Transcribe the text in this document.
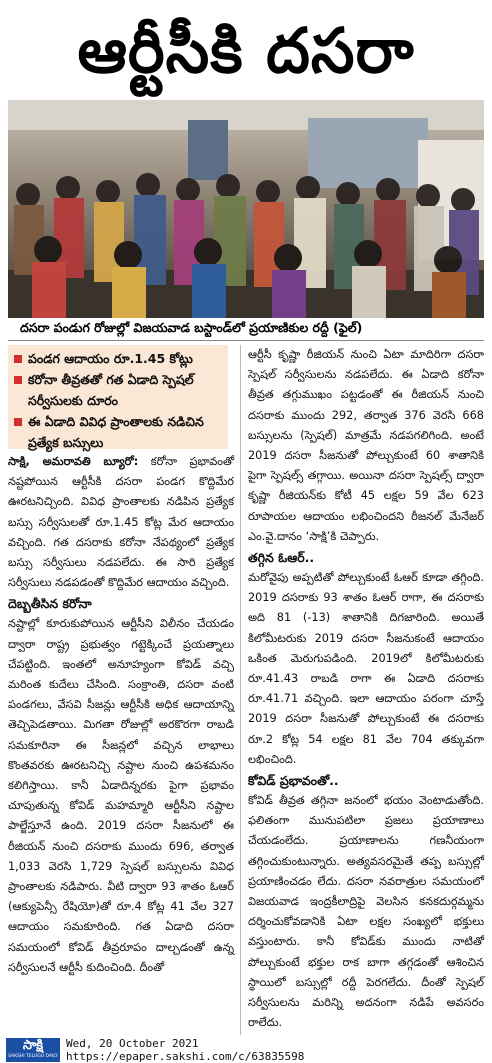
ఆర్టీసీకి దసరా
దసరా పండుగ రోజుల్లో విజయవాడ బస్టాండ్‌లో ప్రయాణికుల రద్దీ (ఫైల్)
పండగ ఆదాయం రూ.1.45 కోట్లు
కరోనా తీవ్రతతో గత ఏడాది స్పెషల్ సర్వీసులకు దూరం
ఈ ఏడాది వివిధ ప్రాంతాలకు నడిచిన ప్రత్యేక బస్సులు

సాక్షి, అమరావతి బ్యూరో: కరోనా ప్రభావంతో నష్టపోయిన ఆర్టీసీకి దసరా పండగ కొద్దిమేర ఊరటనిచ్చింది. వివిధ ప్రాంతాలకు నడిపిన ప్రత్యేక బస్సు సర్వీసులతో రూ.1.45 కోట్ల మేర ఆదాయం వచ్చింది. గత దసరాకు కరోనా నేపథ్యంలో ప్రత్యేక బస్సు సర్వీసులు నడపలేదు. ఈ సారి ప్రత్యేక సర్వీసులు నడపడంతో కొద్దిమేర ఆదాయం వచ్చింది.

దెబ్బతీసిన కరోనా

నష్టాల్లో కూరుకుపోయిన ఆర్టీసీని విలీనం చేయడం ద్వారా రాష్ట్ర ప్రభుత్వం గట్టెక్కించే ప్రయత్నాలు చేపట్టింది. ఇంతలో అనూహ్యంగా కోవిడ్ వచ్చి మరింత కుదేలు చేసింది. సంక్రాంతి, దసరా వంటి పండగలు, వేసవి సీజన్లు ఆర్టీసీకి అధిక ఆదాయాన్ని తెచ్చిపెడతాయి. మిగతా రోజుల్లో అరకొరగా రాబడి సమకూరినా ఈ సీజన్లలో వచ్చిన లాభాలు కొంతవరకు ఊరటనిచ్చి నష్టాల నుంచి ఉపశమనం కలిగిస్తాయి. కానీ ఏడాదిన్నరకు పైగా ప్రభావం చూపుతున్న కోవిడ్ మహమ్మారి ఆర్టీసీని నష్టాల పాల్జేస్తూనే ఉంది. 2019 దసరా సీజనులో ఈ రీజియన్ నుంచి దసరాకు ముందు 696, తర్వాత 1,033 వెరసి 1,729 స్పెషల్ బస్సులను వివిధ ప్రాంతాలకు నడిపారు. వీటి ద్వారా 93 శాతం ఓఆర్ (ఆక్యుపెన్సీ రేషియో)తో రూ.4 కోట్ల 41 వేల 327 ఆదాయం సమకూరింది. గత ఏడాది దసరా సమయంలో కోవిడ్ తీవ్రరూపం దాల్చడంతో ఉన్న సర్వీసులనే ఆర్టీసీ కుదించింది. దీంతో

ఆర్టీసీ కృష్ణా రీజియన్ నుంచి ఏటా మాదిరిగా దసరా స్పెషల్ సర్వీసులను నడపలేదు. ఈ ఏడాది కరోనా తీవ్రత తగ్గుముఖం పట్టడంతో ఈ రీజియన్ నుంచి దసరాకు ముందు 292, తర్వాత 376 వెరసి 668 బస్సులను (స్పెషల్) మాత్రమే నడపగలిగింది. అంటే 2019 దసరా సీజనుతో పోల్చుకుంటే 60 శాతానికి పైగా స్పెషల్స్ తగ్గాయి. అయినా దసరా స్పెషల్స్ ద్వారా కృష్ణా రీజియన్‌కు కోటీ 45 లక్షల 59 వేల 623 రూపాయల ఆదాయం లభించిందని రీజనల్ మేనేజర్ ఎం.వై.దానం ‘సాక్షి’కి చెప్పారు.

తగ్గిన ఓఆర్..

మరోవైపు అప్పటితో పోల్చుకుంటే ఓఆర్ కూడా తగ్గింది. 2019 దసరాకు 93 శాతం ఓఆర్ రాగా, ఈ దసరాకు అది 81 (-13) శాతానికి దిగజారింది. అయితే కిలోమీటరుకు 2019 దసరా సీజనుకంటే ఆదాయం ఒకింత మెరుగుపడింది. 2019లో కిలోమీటరుకు రూ.41.43 రాబడి రాగా ఈ ఏడాది దసరాకు రూ.41.71 వచ్చింది. ఇలా ఆదాయం పరంగా చూస్తే 2019 దసరా సీజనుతో పోల్చుకుంటే ఈ దసరాకు రూ.2 కోట్ల 54 లక్షల 81 వేల 704 తక్కువగా లభించింది.

కోవిడ్ ప్రభావంతో..

కోవిడ్ తీవ్రత తగ్గినా జనంలో భయం వెంటాడుతోంది. ఫలితంగా మునుపటిలా ప్రజలు ప్రయాణాలు చేయడంలేదు. ప్రయాణాలను గణనీయంగా తగ్గించుకుంటున్నారు. అత్యవసరమైతే తప్ప బస్సుల్లో ప్రయాణించడం లేదు. దసరా నవరాత్రుల సమయంలో విజయవాడ ఇంద్రకీలాద్రిపై వెలసిన కనకదుర్గమ్మను దర్శించుకోవడానికి ఏటా లక్షల సంఖ్యలో భక్తులు వస్తుంటారు. కానీ కోవిడ్‌కు ముందు నాటితో పోల్చుకుంటే భక్తుల రాక బాగా తగ్గడంతో ఆశించిన స్థాయిలో బస్సుల్లో రద్దీ పెరగలేదు. దీంతో స్పెషల్ సర్వీసులను మరిన్ని అదనంగా నడిపే అవసరం రాలేదు.

సాక్షి
SAKSHI TELUGU DAILY
Wed, 20 October 2021
https://epaper.sakshi.com/c/63835598
